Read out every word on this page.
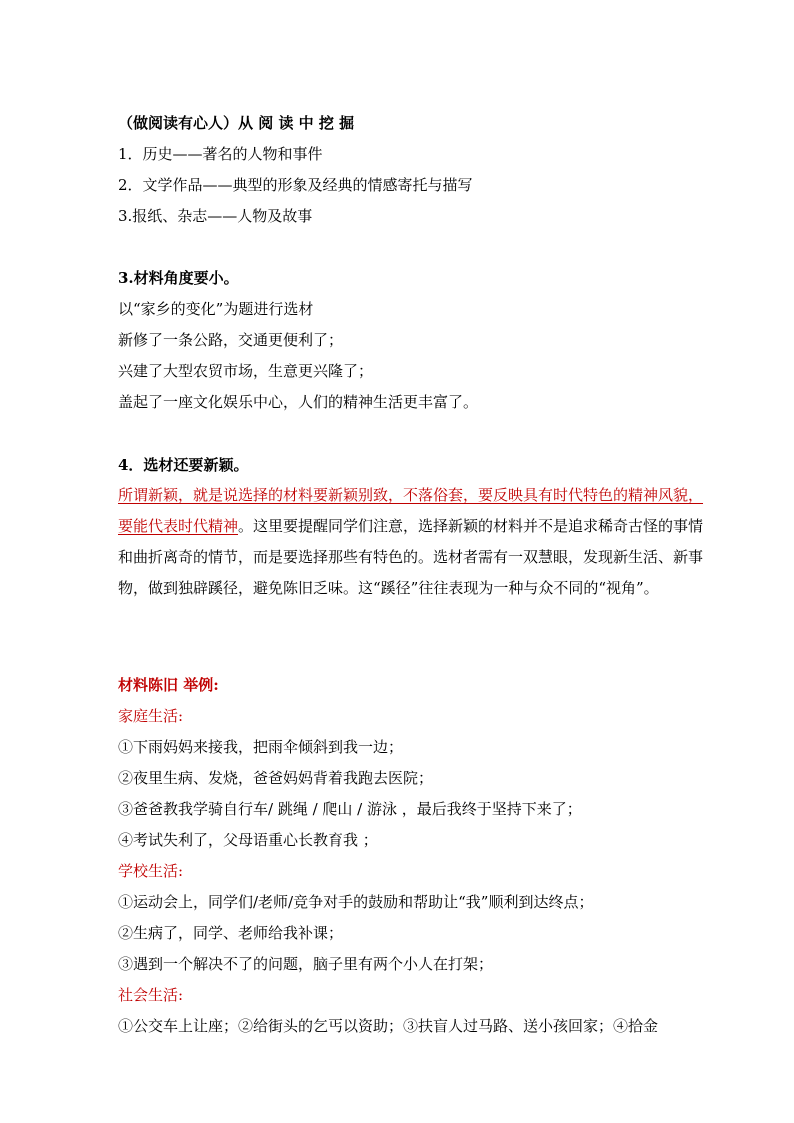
（做阅读有心人）从 阅 读 中 挖 掘
1．历史——著名的人物和事件
2．文学作品——典型的形象及经典的情感寄托与描写
3.报纸、杂志——人物及故事
3.材料角度要小。
以“家乡的变化”为题进行选材
新修了一条公路，交通更便利了；
兴建了大型农贸市场，生意更兴隆了；
盖起了一座文化娱乐中心，人们的精神生活更丰富了。
4．选材还要新颖。
所谓新颖，就是说选择的材料要新颖别致，不落俗套，要反映具有时代特色的精神风貌，要能代表时代精神。这里要提醒同学们注意，选择新颖的材料并不是追求稀奇古怪的事情和曲折离奇的情节，而是要选择那些有特色的。选材者需有一双慧眼，发现新生活、新事物，做到独辟蹊径，避免陈旧乏味。这“蹊径”往往表现为一种与众不同的“视角”。
材料陈旧 举例:
家庭生活:
①下雨妈妈来接我，把雨伞倾斜到我一边；
②夜里生病、发烧，爸爸妈妈背着我跑去医院；
③爸爸教我学骑自行车/ 跳绳 / 爬山 / 游泳 ，最后我终于坚持下来了；
④考试失利了，父母语重心长教育我 ；
学校生活:
①运动会上，同学们/老师/竞争对手的鼓励和帮助让“我”顺利到达终点；
②生病了，同学、老师给我补课；
③遇到一个解决不了的问题，脑子里有两个小人在打架；
社会生活:
①公交车上让座；②给街头的乞丐以资助；③扶盲人过马路、送小孩回家；④拾金
